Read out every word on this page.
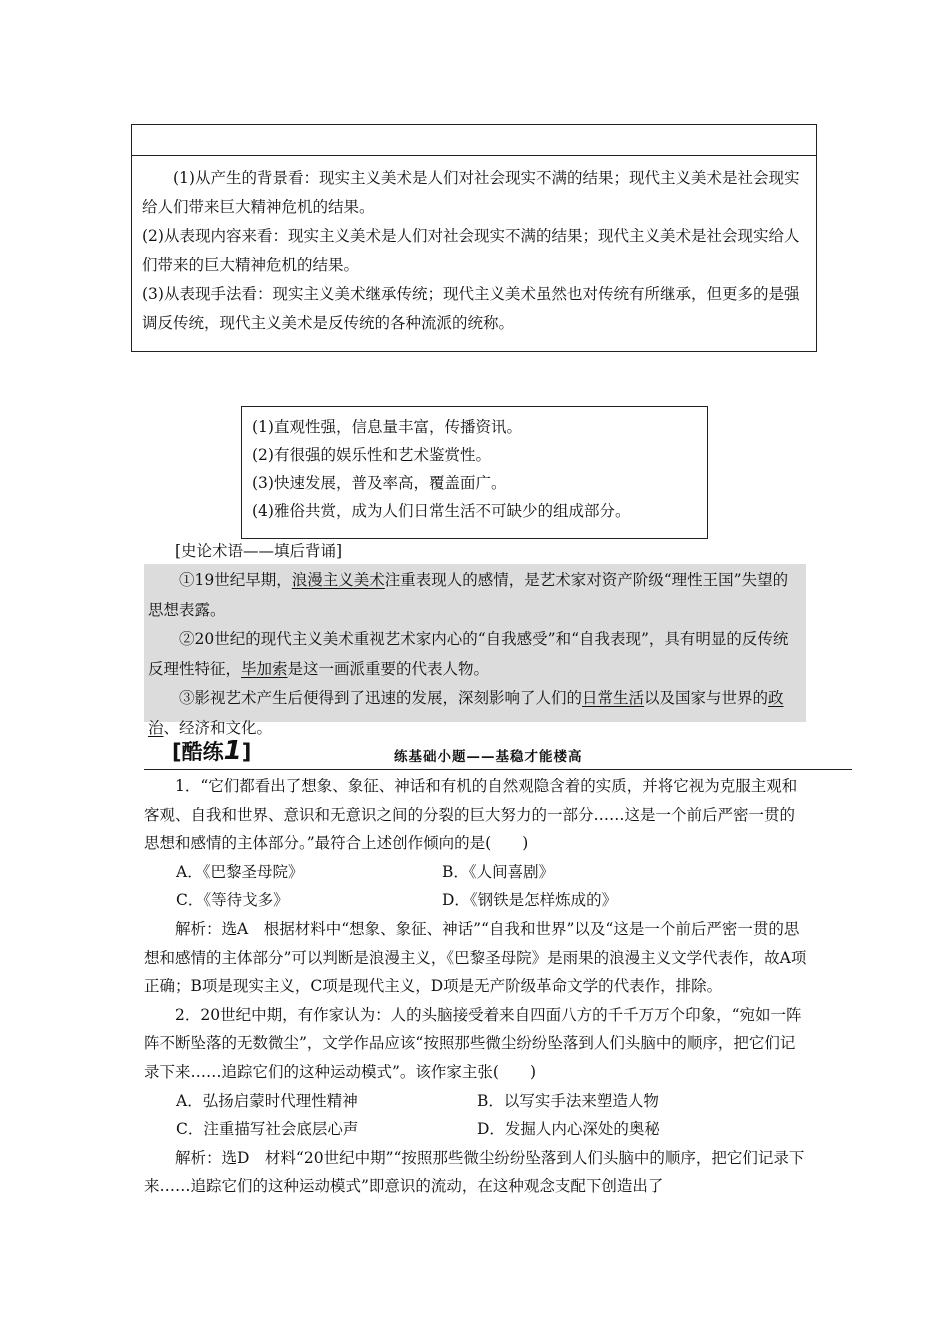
(1)从产生的背景看：现实主义美术是人们对社会现实不满的结果；现代主义美术是社会现实给人们带来巨大精神危机的结果。

(2)从表现内容来看：现实主义美术是人们对社会现实不满的结果；现代主义美术是社会现实给人们带来的巨大精神危机的结果。

(3)从表现手法看：现实主义美术继承传统；现代主义美术虽然也对传统有所继承，但更多的是强调反传统，现代主义美术是反传统的各种流派的统称。

(1)直观性强，信息量丰富，传播资讯。

(2)有很强的娱乐性和艺术鉴赏性。

(3)快速发展，普及率高，覆盖面广。

(4)雅俗共赏，成为人们日常生活不可缺少的组成部分。

[史论术语——填后背诵]

①19世纪早期，浪漫主义美术注重表现人的感情，是艺术家对资产阶级“理性王国”失望的思想表露。

②20世纪的现代主义美术重视艺术家内心的“自我感受”和“自我表现”，具有明显的反传统反理性特征，毕加索是这一画派重要的代表人物。

③影视艺术产生后便得到了迅速的发展，深刻影响了人们的日常生活以及国家与世界的政治、经济和文化。

[酷练1]	练基础小题——基稳才能楼高

1．“它们都看出了想象、象征、神话和有机的自然观隐含着的实质，并将它视为克服主观和客观、自我和世界、意识和无意识之间的分裂的巨大努力的一部分……这是一个前后严密一贯的思想和感情的主体部分。”最符合上述创作倾向的是(　　)

A．《巴黎圣母院》	B．《人间喜剧》
C．《等待戈多》	D．《钢铁是怎样炼成的》

解析：选A　根据材料中“想象、象征、神话”“自我和世界”以及“这是一个前后严密一贯的思想和感情的主体部分”可以判断是浪漫主义，《巴黎圣母院》是雨果的浪漫主义文学代表作，故A项正确；B项是现实主义，C项是现代主义，D项是无产阶级革命文学的代表作，排除。

2．20世纪中期，有作家认为：人的头脑接受着来自四面八方的千千万万个印象，“宛如一阵阵不断坠落的无数微尘”，文学作品应该“按照那些微尘纷纷坠落到人们头脑中的顺序，把它们记录下来……追踪它们的这种运动模式”。该作家主张(　　)

A．弘扬启蒙时代理性精神	B．以写实手法来塑造人物
C．注重描写社会底层心声	D．发掘人内心深处的奥秘

解析：选D　材料“20世纪中期”“按照那些微尘纷纷坠落到人们头脑中的顺序，把它们记录下来……追踪它们的这种运动模式”即意识的流动，在这种观念支配下创造出了
